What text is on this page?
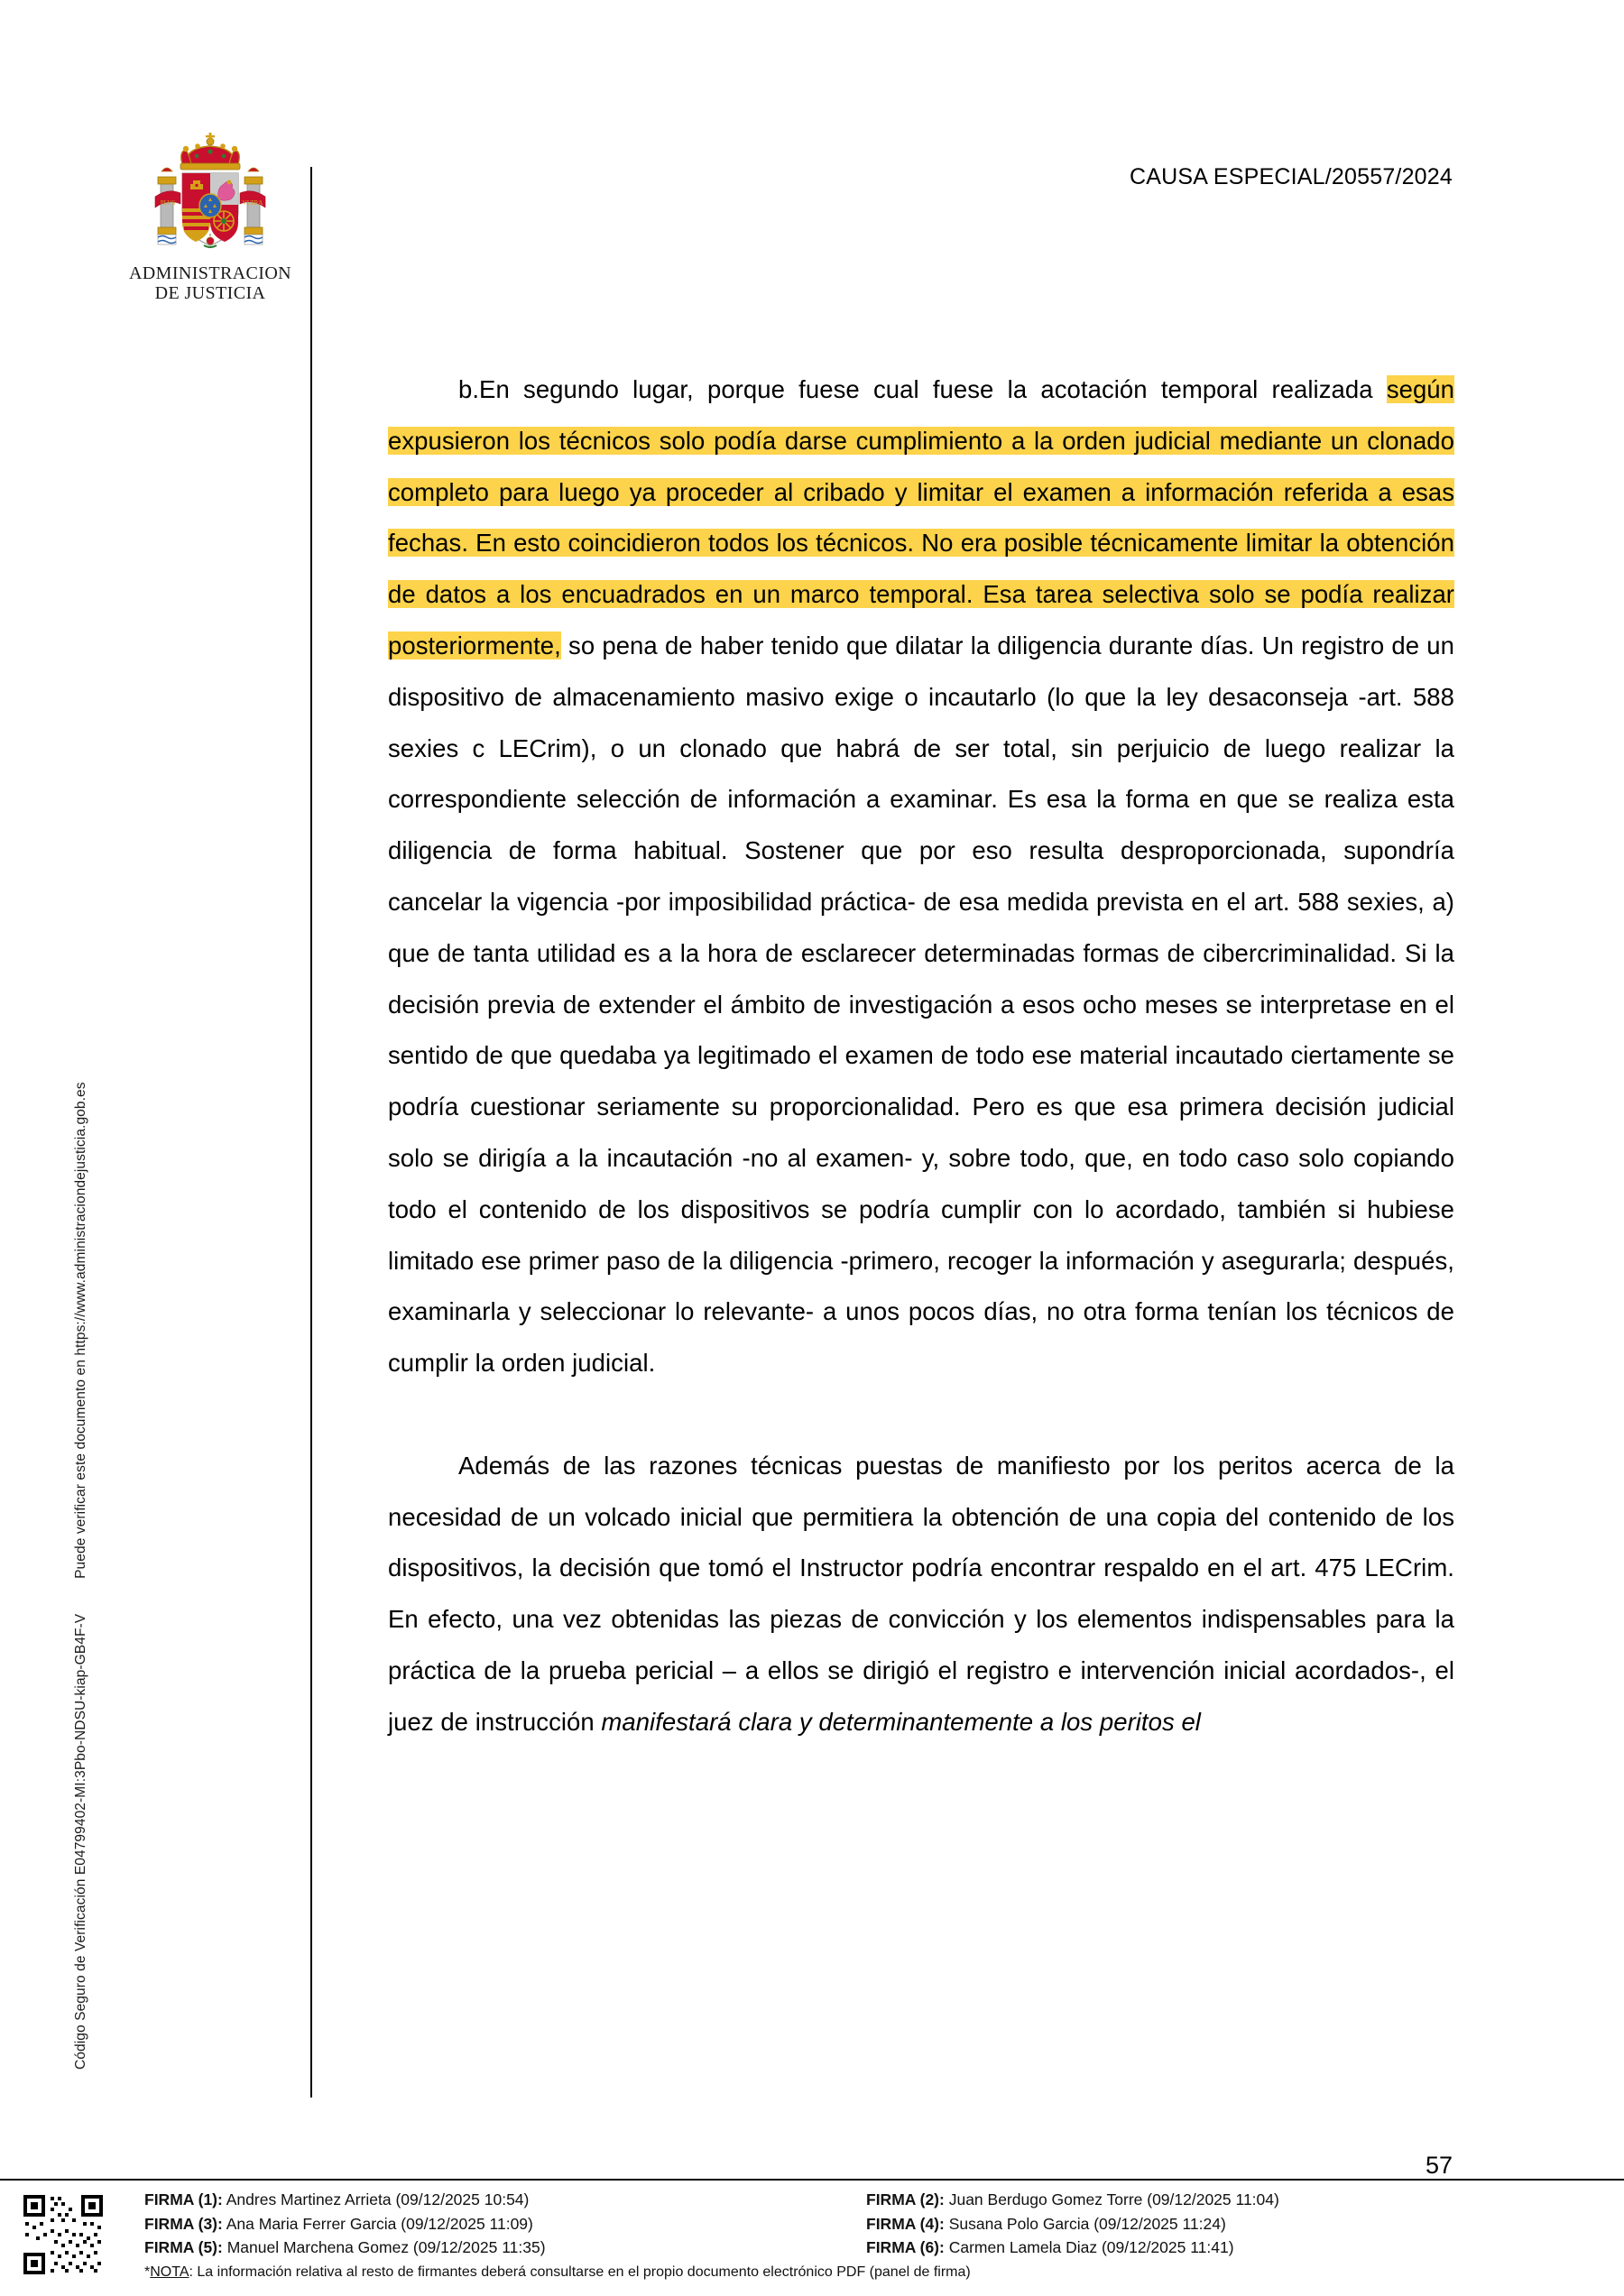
Código Seguro de Verificación E04799402-MI:3Pbo-NDSU-kiap-GB4F-V  Puede verificar este documento en https://www.administraciondejusticia.gob.es
PLVS	VLTRA
ADMINISTRACION
DE JUSTICIA
CAUSA ESPECIAL/20557/2024

b.En segundo lugar, porque fuese cual fuese la acotación temporal realizada según expusieron los técnicos solo podía darse cumplimiento a la orden judicial mediante un clonado completo para luego ya proceder al cribado y limitar el examen a información referida a esas fechas. En esto coincidieron todos los técnicos. No era posible técnicamente limitar la obtención de datos a los encuadrados en un marco temporal. Esa tarea selectiva solo se podía realizar posteriormente, so pena de haber tenido que dilatar la diligencia durante días. Un registro de un dispositivo de almacenamiento masivo exige o incautarlo (lo que la ley desaconseja -art. 588 sexies c LECrim), o un clonado que habrá de ser total, sin perjuicio de luego realizar la correspondiente selección de información a examinar. Es esa la forma en que se realiza esta diligencia de forma habitual. Sostener que por eso resulta desproporcionada, supondría cancelar la vigencia -por imposibilidad práctica- de esa medida prevista en el art. 588 sexies, a) que de tanta utilidad es a la hora de esclarecer determinadas formas de cibercriminalidad. Si la decisión previa de extender el ámbito de investigación a esos ocho meses se interpretase en el sentido de que quedaba ya legitimado el examen de todo ese material incautado ciertamente se podría cuestionar seriamente su proporcionalidad. Pero es que esa primera decisión judicial solo se dirigía a la incautación -no al examen- y, sobre todo, que, en todo caso solo copiando todo el contenido de los dispositivos se podría cumplir con lo acordado, también si hubiese limitado ese primer paso de la diligencia -primero, recoger la información y asegurarla; después, examinarla y seleccionar lo relevante- a unos pocos días, no otra forma tenían los técnicos de cumplir la orden judicial.

Además de las razones técnicas puestas de manifiesto por los peritos acerca de la necesidad de un volcado inicial que permitiera la obtención de una copia del contenido de los dispositivos, la decisión que tomó el Instructor podría encontrar respaldo en el art. 475 LECrim. En efecto, una vez obtenidas las piezas de convicción y los elementos indispensables para la práctica de la prueba pericial – a ellos se dirigió el registro e intervención inicial acordados-, el juez de instrucción manifestará clara y determinantemente a los peritos el

57
FIRMA (1): Andres Martinez Arrieta (09/12/2025 10:54)	FIRMA (2): Juan Berdugo Gomez Torre (09/12/2025 11:04)
FIRMA (3): Ana Maria Ferrer Garcia (09/12/2025 11:09)	FIRMA (4): Susana Polo Garcia (09/12/2025 11:24)
FIRMA (5): Manuel Marchena Gomez (09/12/2025 11:35)	FIRMA (6): Carmen Lamela Diaz (09/12/2025 11:41)
*NOTA: La información relativa al resto de firmantes deberá consultarse en el propio documento electrónico PDF (panel de firma)
